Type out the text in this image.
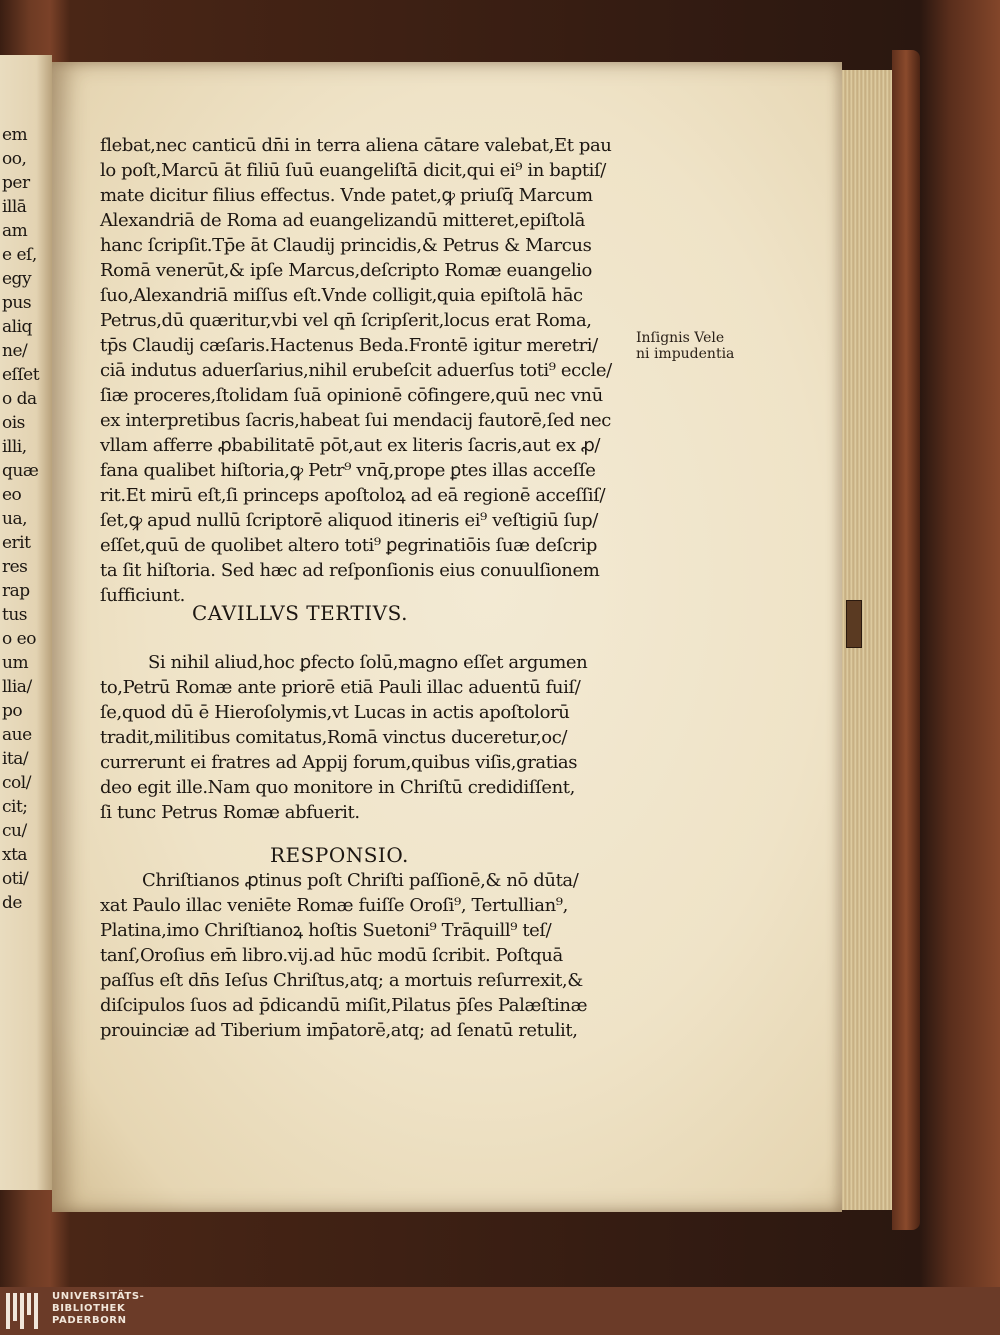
em
oo,
per
illā
am
e eſ,
egy
pus
aliq
ne/
eſſet
o da
ois
illi,
quæ
eo
ua,
erit
res
rap
tus
o eo
um
llia/
po
aue
ita/
col/
cit;
cu/
xta
oti/
de
flebat,nec canticū dn̄i in terra aliena cātare valebat,Et pau
lo poſt,Marcū āt filiū ſuū euangeliſtā dicit,qui ei⁹ in baptiſ/
mate dicitur filius effectus. Vnde patet,ꝙ priuſq̄ Marcum
Alexandriā de Roma ad euangelizandū mitteret,epiſtolā
hanc ſcripſit.Tp̄e āt Claudij princidis,& Petrus & Marcus
Romā venerūt,& ipſe Marcus,deſcripto Romæ euangelio
ſuo,Alexandriā miſſus eſt.Vnde colligit,quia epiſtolā hāc
Petrus,dū quæritur,vbi vel qn̄ ſcripſerit,locus erat Roma,
tp̄s Claudij cæſaris.Hactenus Beda.Frontē igitur meretri/
ciā indutus aduerſarius,nihil erubeſcit aduerſus toti⁹ eccle/
ſiæ proceres,ſtolidam ſuā opinionē cōfingere,quū nec vnū
ex interpretibus ſacris,habeat ſui mendacij fautorē,ſed nec
vllam afferre ꝓbabilitatē pōt,aut ex literis ſacris,aut ex ꝓ/
fana qualibet hiſtoria,ꝙ Petr⁹ vnq̄,prope ꝑtes illas acceſſe
rit.Et mirū eſt,ſi princeps apoſtoloꝝ ad eā regionē acceſſiſ/
ſet,ꝙ apud nullū ſcriptorē aliquod itineris ei⁹ veſtigiū ſup/
eſſet,quū de quolibet altero toti⁹ ꝑegrinatiōis ſuæ deſcrip
ta ſit hiſtoria. Sed hæc ad reſponſionis eius conuulſionem
ſufficiunt.
CAVILLVS TERTIVS.
Si nihil aliud,hoc ꝑfecto ſolū,magno eſſet argumen
to,Petrū Romæ ante priorē etiā Pauli illac aduentū fuiſ/
ſe,quod dū ē Hieroſolymis,vt Lucas in actis apoſtolorū
tradit,militibus comitatus,Romā vinctus duceretur,oc/
currerunt ei fratres ad Appij forum,quibus viſis,gratias
deo egit ille.Nam quo monitore in Chriſtū credidiſſent,
ſi tunc Petrus Romæ abfuerit.
RESPONSIO.
Chriſtianos ꝓtinus poſt Chriſti paſſionē,& nō dūta/
xat Paulo illac veniēte Romæ fuiſſe Oroſi⁹, Tertullian⁹,
Platina,imo Chriſtianoꝝ hoſtis Suetoni⁹ Trāquill⁹ teſ/
tanſ,Oroſius em̄ libro.vij.ad hūc modū ſcribit. Poſtquā
paſſus eſt dn̄s Ieſus Chriſtus,atq; a mortuis reſurrexit,&
diſcipulos ſuos ad p̄dicandū miſit,Pilatus p̄ſes Palæſtinæ
prouinciæ ad Tiberium imp̄atorē,atq; ad ſenatū retulit,
Inſignis Vele
ni impudentia
UNIVERSITÄTS-
BIBLIOTHEK
PADERBORN
